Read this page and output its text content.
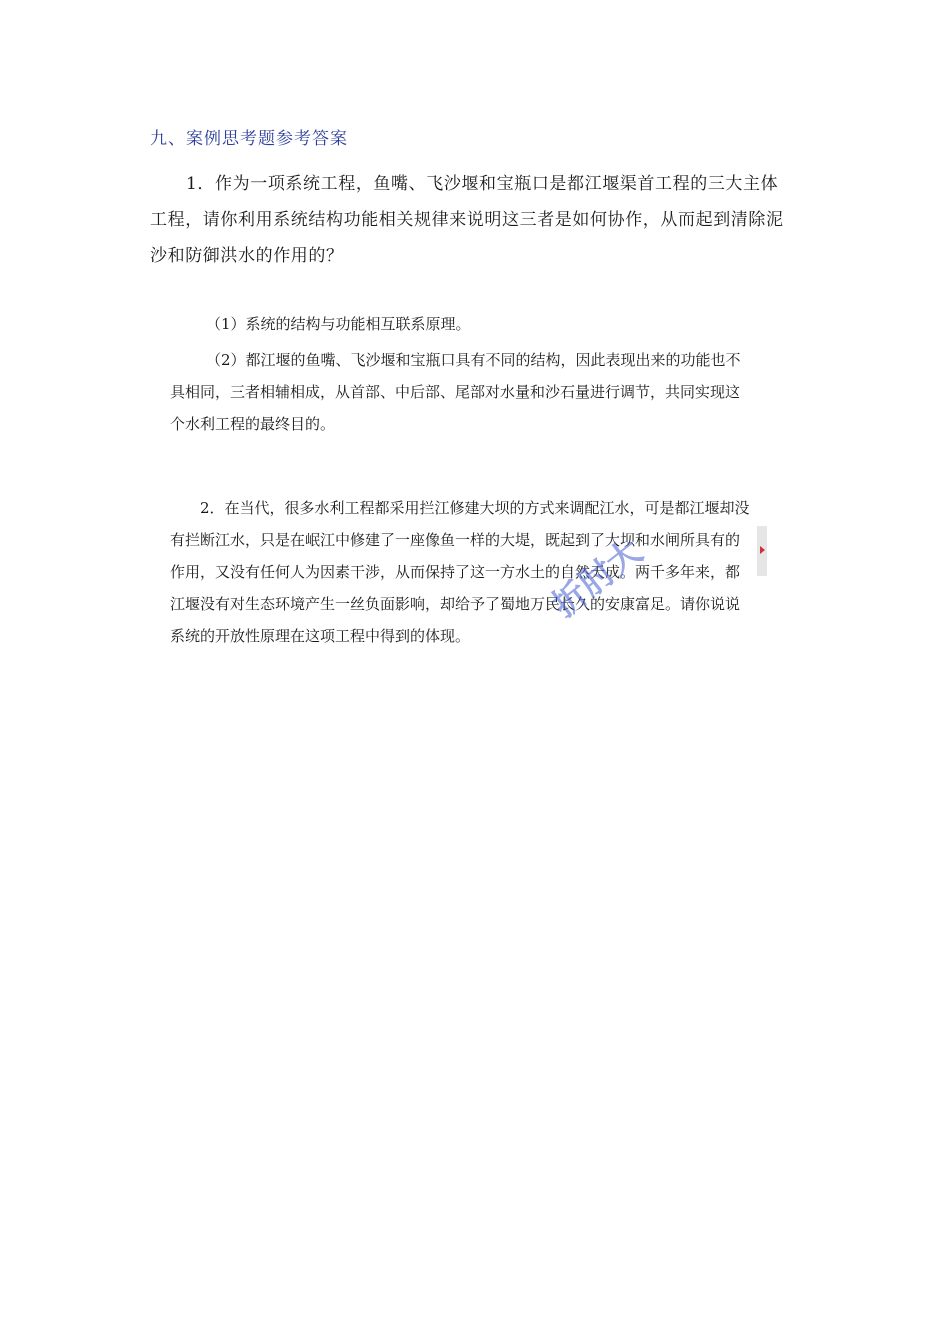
九、案例思考题参考答案

1．作为一项系统工程，鱼嘴、飞沙堰和宝瓶口是都江堰渠首工程的三大主体工程，请你利用系统结构功能相关规律来说明这三者是如何协作，从而起到清除泥沙和防御洪水的作用的？

（1）系统的结构与功能相互联系原理。

（2）都江堰的鱼嘴、飞沙堰和宝瓶口具有不同的结构，因此表现出来的功能也不具相同，三者相辅相成，从首部、中后部、尾部对水量和沙石量进行调节，共同实现这个水利工程的最终目的。

2．在当代，很多水利工程都采用拦江修建大坝的方式来调配江水，可是都江堰却没有拦断江水，只是在岷江中修建了一座像鱼一样的大堤，既起到了大坝和水闸所具有的作用，又没有任何人为因素干涉，从而保持了这一方水土的自然天成。两千多年来，都江堰没有对生态环境产生一丝负面影响，却给予了蜀地万民长久的安康富足。请你说说系统的开放性原理在这项工程中得到的体现。

折肘大
